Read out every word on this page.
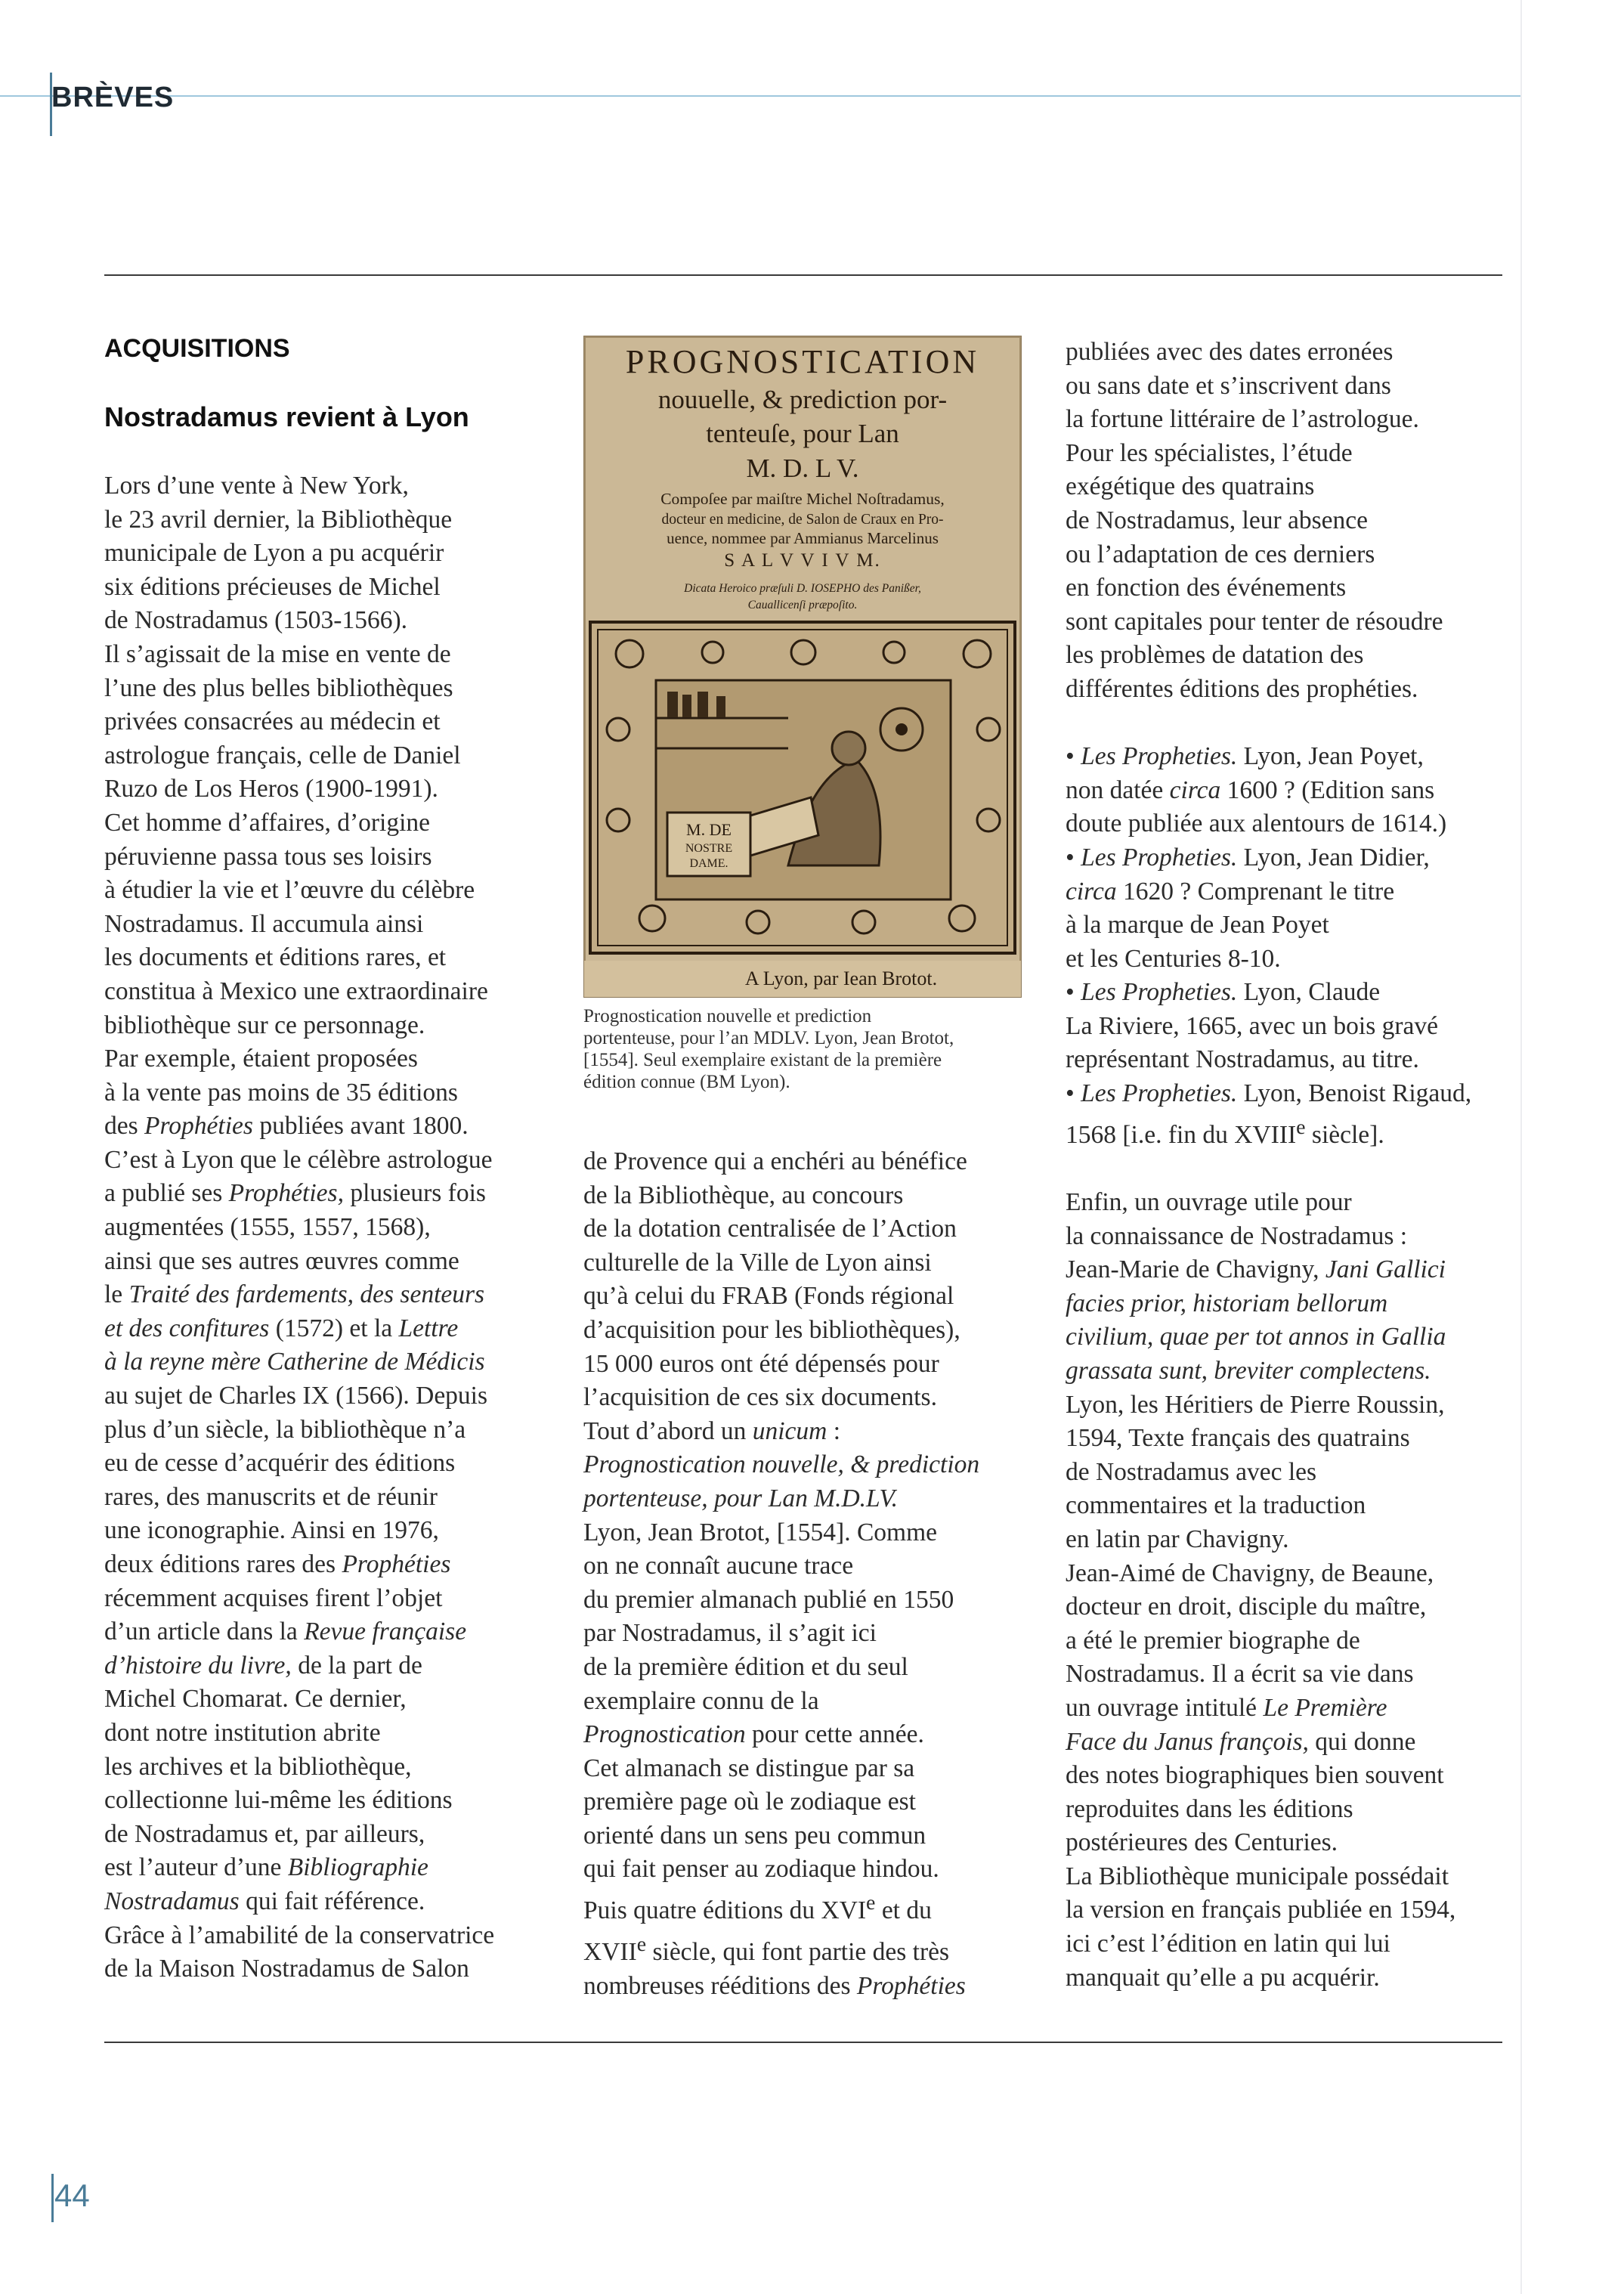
BRÈVES
ACQUISITIONS
Nostradamus revient à Lyon
Lors d’une vente à New York,
le 23 avril dernier, la Bibliothèque
municipale de Lyon a pu acquérir
six éditions précieuses de Michel
de Nostradamus (1503-1566).
Il s’agissait de la mise en vente de
l’une des plus belles bibliothèques
privées consacrées au médecin et
astrologue français, celle de Daniel
Ruzo de Los Heros (1900-1991).
Cet homme d’affaires, d’origine
péruvienne passa tous ses loisirs
à étudier la vie et l’œuvre du célèbre
Nostradamus. Il accumula ainsi
les documents et éditions rares, et
constitua à Mexico une extraordinaire
bibliothèque sur ce personnage.
Par exemple, étaient proposées
à la vente pas moins de 35 éditions
des Prophéties publiées avant 1800.
C’est à Lyon que le célèbre astrologue
a publié ses Prophéties, plusieurs fois
augmentées (1555, 1557, 1568),
ainsi que ses autres œuvres comme
le Traité des fardements, des senteurs
et des confitures (1572) et la Lettre
à la reyne mère Catherine de Médicis
au sujet de Charles IX (1566). Depuis
plus d’un siècle, la bibliothèque n’a
eu de cesse d’acquérir des éditions
rares, des manuscrits et de réunir
une iconographie. Ainsi en 1976,
deux éditions rares des Prophéties
récemment acquises firent l’objet
d’un article dans la Revue française
d’histoire du livre, de la part de
Michel Chomarat. Ce dernier,
dont notre institution abrite
les archives et la bibliothèque,
collectionne lui-même les éditions
de Nostradamus et, par ailleurs,
est l’auteur d’une Bibliographie
Nostradamus qui fait référence.
Grâce à l’amabilité de la conservatrice
de la Maison Nostradamus de Salon
PROGNOSTICATION
nouuelle, & prediction por-
tenteuſe, pour Lan
M. D. L V.
Compoſee par maiſtre Michel Noſtradamus,
docteur en medicine, de Salon de Craux en Pro-
uence, nommee par Ammianus Marcelinus
S A L V V I V M.
Dicata Heroico præſuli D. IOSEPHO des Panißer,
Cauallicenſi præpoſito.
M. DE
NOSTRE
DAME.
A Lyon, par Iean Brotot.
Prognostication nouvelle et prediction
portenteuse, pour l’an MDLV. Lyon, Jean Brotot,
[1554]. Seul exemplaire existant de la première
édition connue (BM Lyon).
de Provence qui a enchéri au bénéfice
de la Bibliothèque, au concours
de la dotation centralisée de l’Action
culturelle de la Ville de Lyon ainsi
qu’à celui du FRAB (Fonds régional
d’acquisition pour les bibliothèques),
15 000 euros ont été dépensés pour
l’acquisition de ces six documents.
Tout d’abord un unicum :
Prognostication nouvelle, & prediction
portenteuse, pour Lan M.D.LV.
Lyon, Jean Brotot, [1554]. Comme
on ne connaît aucune trace
du premier almanach publié en 1550
par Nostradamus, il s’agit ici
de la première édition et du seul
exemplaire connu de la
Prognostication pour cette année.
Cet almanach se distingue par sa
première page où le zodiaque est
orienté dans un sens peu commun
qui fait penser au zodiaque hindou.
Puis quatre éditions du XVIe et du
XVIIe siècle, qui font partie des très
nombreuses rééditions des Prophéties
publiées avec des dates erronées
ou sans date et s’inscrivent dans
la fortune littéraire de l’astrologue.
Pour les spécialistes, l’étude
exégétique des quatrains
de Nostradamus, leur absence
ou l’adaptation de ces derniers
en fonction des événements
sont capitales pour tenter de résoudre
les problèmes de datation des
différentes éditions des prophéties.
• Les Propheties. Lyon, Jean Poyet,
non datée circa 1600 ? (Edition sans
doute publiée aux alentours de 1614.)
• Les Propheties. Lyon, Jean Didier,
circa 1620 ? Comprenant le titre
à la marque de Jean Poyet
et les Centuries 8-10.
• Les Propheties. Lyon, Claude
La Riviere, 1665, avec un bois gravé
représentant Nostradamus, au titre.
• Les Propheties. Lyon, Benoist Rigaud,
1568 [i.e. fin du XVIIIe siècle].
Enfin, un ouvrage utile pour
la connaissance de Nostradamus :
Jean-Marie de Chavigny, Jani Gallici
facies prior, historiam bellorum
civilium, quae per tot annos in Gallia
grassata sunt, breviter complectens.
Lyon, les Héritiers de Pierre Roussin,
1594, Texte français des quatrains
de Nostradamus avec les
commentaires et la traduction
en latin par Chavigny.
Jean-Aimé de Chavigny, de Beaune,
docteur en droit, disciple du maître,
a été le premier biographe de
Nostradamus. Il a écrit sa vie dans
un ouvrage intitulé Le Première
Face du Janus françois, qui donne
des notes biographiques bien souvent
reproduites dans les éditions
postérieures des Centuries.
La Bibliothèque municipale possédait
la version en français publiée en 1594,
ici c’est l’édition en latin qui lui
manquait qu’elle a pu acquérir.

44
